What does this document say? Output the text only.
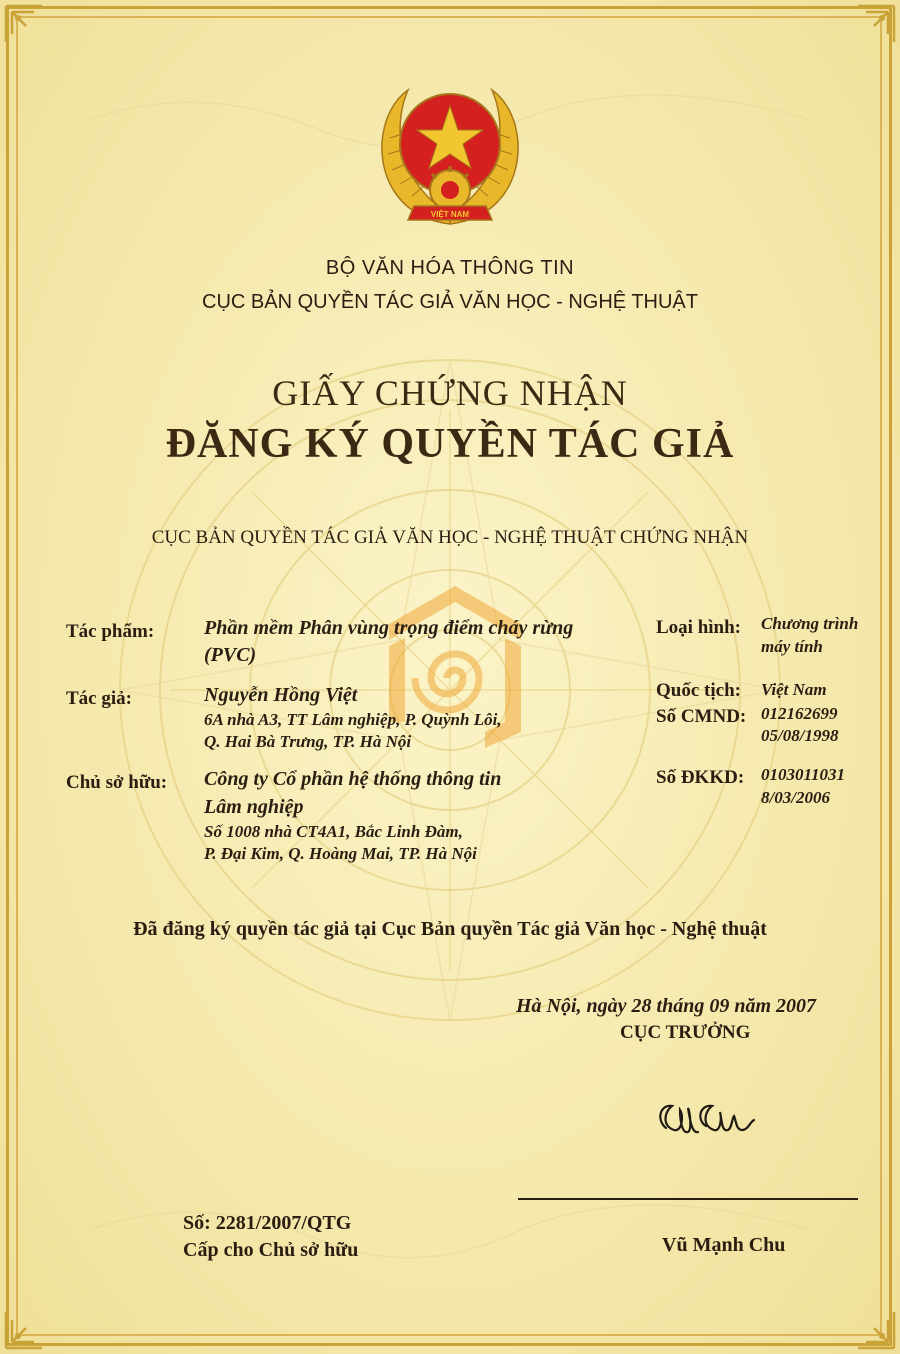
VIỆT NAM
BỘ VĂN HÓA THÔNG TIN
CỤC BẢN QUYỀN TÁC GIẢ VĂN HỌC - NGHỆ THUẬT
GIẤY CHỨNG NHẬN
ĐĂNG KÝ QUYỀN TÁC GIẢ
CỤC BẢN QUYỀN TÁC GIẢ VĂN HỌC - NGHỆ THUẬT CHỨNG NHẬN
Tác phẩm: Phần mềm Phân vùng trọng điểm cháy rừng
(PVC)
Loại hình: Chương trình
máy tính
Tác giả:	Nguyễn Hồng Việt
6A nhà A3, TT Lâm nghiệp, P. Quỳnh Lôi,
Q. Hai Bà Trưng, TP. Hà Nội
Quốc tịch: Việt Nam
Số CMND: 012162699
05/08/1998
Chủ sở hữu: Công ty Cổ phần hệ thống thông tin
Lâm nghiệp
Số 1008 nhà CT4A1, Bắc Linh Đàm,
P. Đại Kim, Q. Hoàng Mai, TP. Hà Nội
Số ĐKKD: 0103011031
8/03/2006
Đã đăng ký quyền tác giả tại Cục Bản quyền Tác giả Văn học - Nghệ thuật
Hà Nội, ngày 28 tháng 09 năm 2007
CỤC TRƯỞNG
Vũ Mạnh Chu
Số: 2281/2007/QTG
Cấp cho Chủ sở hữu
